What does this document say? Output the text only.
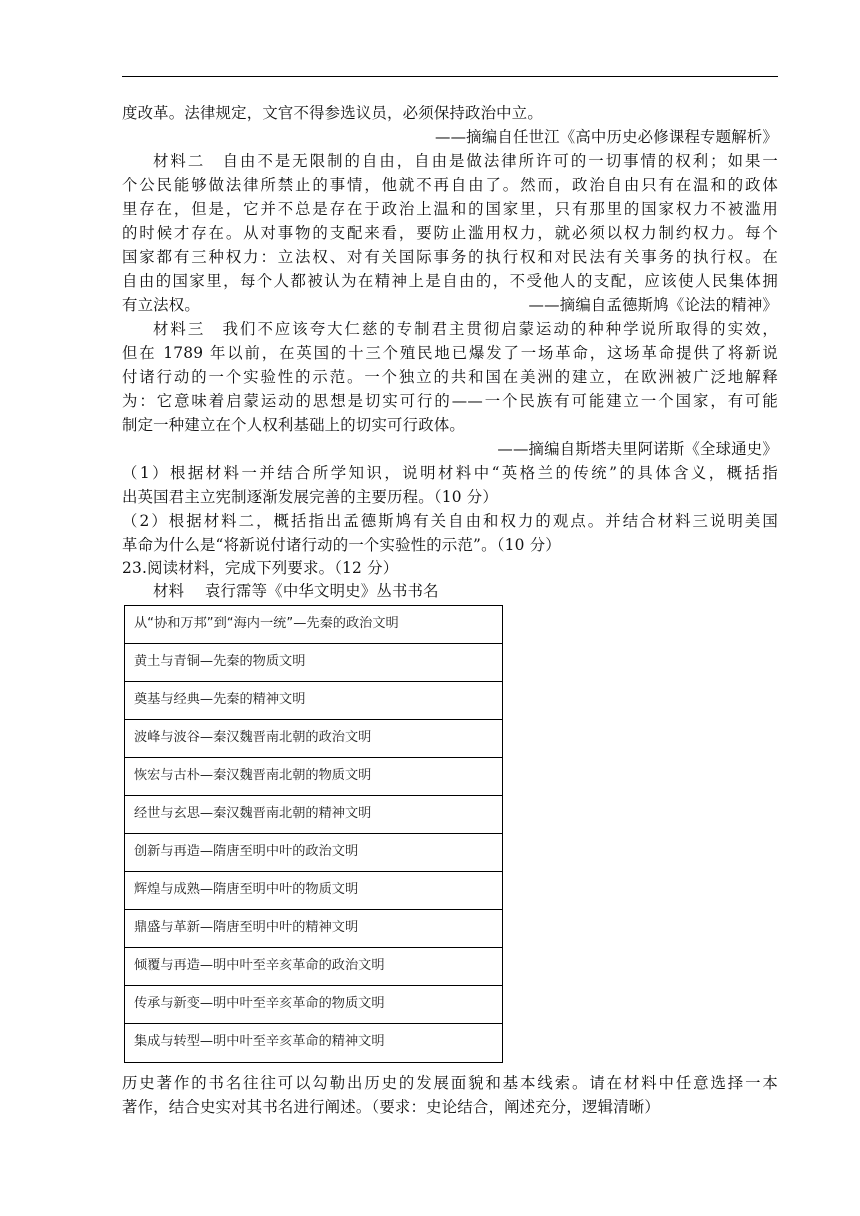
度改革。法律规定，文官不得参选议员，必须保持政治中立。
——摘编自任世江《高中历史必修课程专题解析》
材料二　自由不是无限制的自由，自由是做法律所许可的一切事情的权利；如果一
个公民能够做法律所禁止的事情，他就不再自由了。然而，政治自由只有在温和的政体
里存在，但是，它并不总是存在于政治上温和的国家里，只有那里的国家权力不被滥用
的时候才存在。从对事物的支配来看，要防止滥用权力，就必须以权力制约权力。每个
国家都有三种权力：立法权、对有关国际事务的执行权和对民法有关事务的执行权。在
自由的国家里，每个人都被认为在精神上是自由的，不受他人的支配，应该使人民集体拥
有立法权。	——摘编自孟德斯鸠《论法的精神》
材料三　我们不应该夸大仁慈的专制君主贯彻启蒙运动的种种学说所取得的实效，
但在 1789 年以前，在英国的十三个殖民地已爆发了一场革命，这场革命提供了将新说
付诸行动的一个实验性的示范。一个独立的共和国在美洲的建立，在欧洲被广泛地解释
为：它意味着启蒙运动的思想是切实可行的——一个民族有可能建立一个国家，有可能
制定一种建立在个人权利基础上的切实可行政体。
——摘编自斯塔夫里阿诺斯《全球通史》
（1）根据材料一并结合所学知识，说明材料中“英格兰的传统”的具体含义，概括指
出英国君主立宪制逐渐发展完善的主要历程。（10 分）
（2）根据材料二，概括指出孟德斯鸠有关自由和权力的观点。并结合材料三说明美国
革命为什么是“将新说付诸行动的一个实验性的示范”。（10 分）
23.阅读材料，完成下列要求。（12 分）
材料　 袁行霈等《中华文明史》丛书书名
从“协和万邦”到“海内一统”—先秦的政治文明
黄土与青铜—先秦的物质文明
奠基与经典—先秦的精神文明
波峰与波谷—秦汉魏晋南北朝的政治文明
恢宏与古朴—秦汉魏晋南北朝的物质文明
经世与玄思—秦汉魏晋南北朝的精神文明
创新与再造—隋唐至明中叶的政治文明
辉煌与成熟—隋唐至明中叶的物质文明
鼎盛与革新—隋唐至明中叶的精神文明
倾覆与再造—明中叶至辛亥革命的政治文明
传承与新变—明中叶至辛亥革命的物质文明
集成与转型—明中叶至辛亥革命的精神文明
历史著作的书名往往可以勾勒出历史的发展面貌和基本线索。请在材料中任意选择一本
著作，结合史实对其书名进行阐述。（要求：史论结合，阐述充分，逻辑清晰）
